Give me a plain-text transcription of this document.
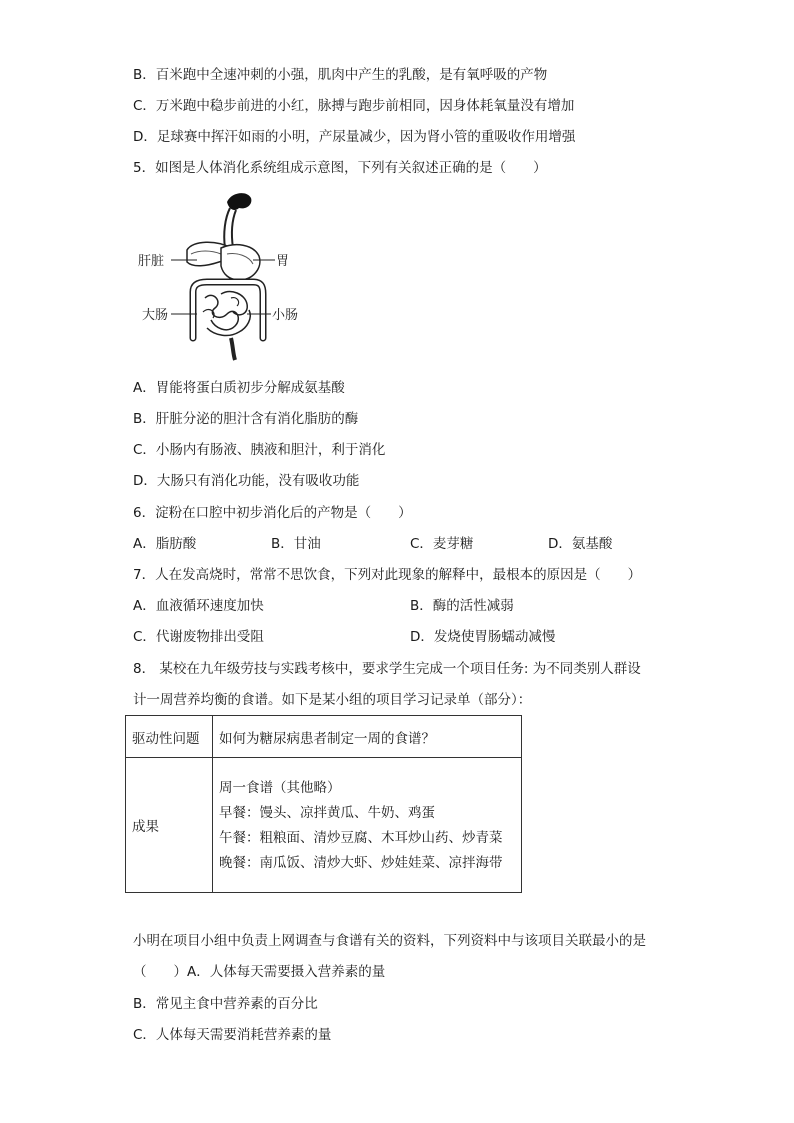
B．百米跑中全速冲刺的小强，肌肉中产生的乳酸，是有氧呼吸的产物
C．万米跑中稳步前进的小红，脉搏与跑步前相同，因身体耗氧量没有增加
D．足球赛中挥汗如雨的小明，产尿量减少，因为肾小管的重吸收作用增强
5．如图是人体消化系统组成示意图，下列有关叙述正确的是（　　）
肝脏	胃
大肠	小肠
A．胃能将蛋白质初步分解成氨基酸
B．肝脏分泌的胆汁含有消化脂肪的酶
C．小肠内有肠液、胰液和胆汁，利于消化
D．大肠只有消化功能，没有吸收功能
6．淀粉在口腔中初步消化后的产物是（　　）
A．脂肪酸	B．甘油	C．麦芽糖	D．氨基酸
7．人在发高烧时，常常不思饮食，下列对此现象的解释中，最根本的原因是（　　）
A．血液循环速度加快	B．酶的活性减弱
C．代谢废物排出受阻	D．发烧使胃肠蠕动减慢
8． 某校在九年级劳技与实践考核中，要求学生完成一个项目任务: 为不同类别人群设
计一周营养均衡的食谱。如下是某小组的项目学习记录单（部分）：
驱动性问题	如何为糖尿病患者制定一周的食谱？
成果	周一食谱（其他略）
早餐：馒头、凉拌黄瓜、牛奶、鸡蛋
午餐：粗粮面、清炒豆腐、木耳炒山药、炒青菜
晚餐：南瓜饭、清炒大虾、炒娃娃菜、凉拌海带
小明在项目小组中负责上网调查与食谱有关的资料，下列资料中与该项目关联最小的是
（　　）A．人体每天需要摄入营养素的量
B．常见主食中营养素的百分比
C．人体每天需要消耗营养素的量
